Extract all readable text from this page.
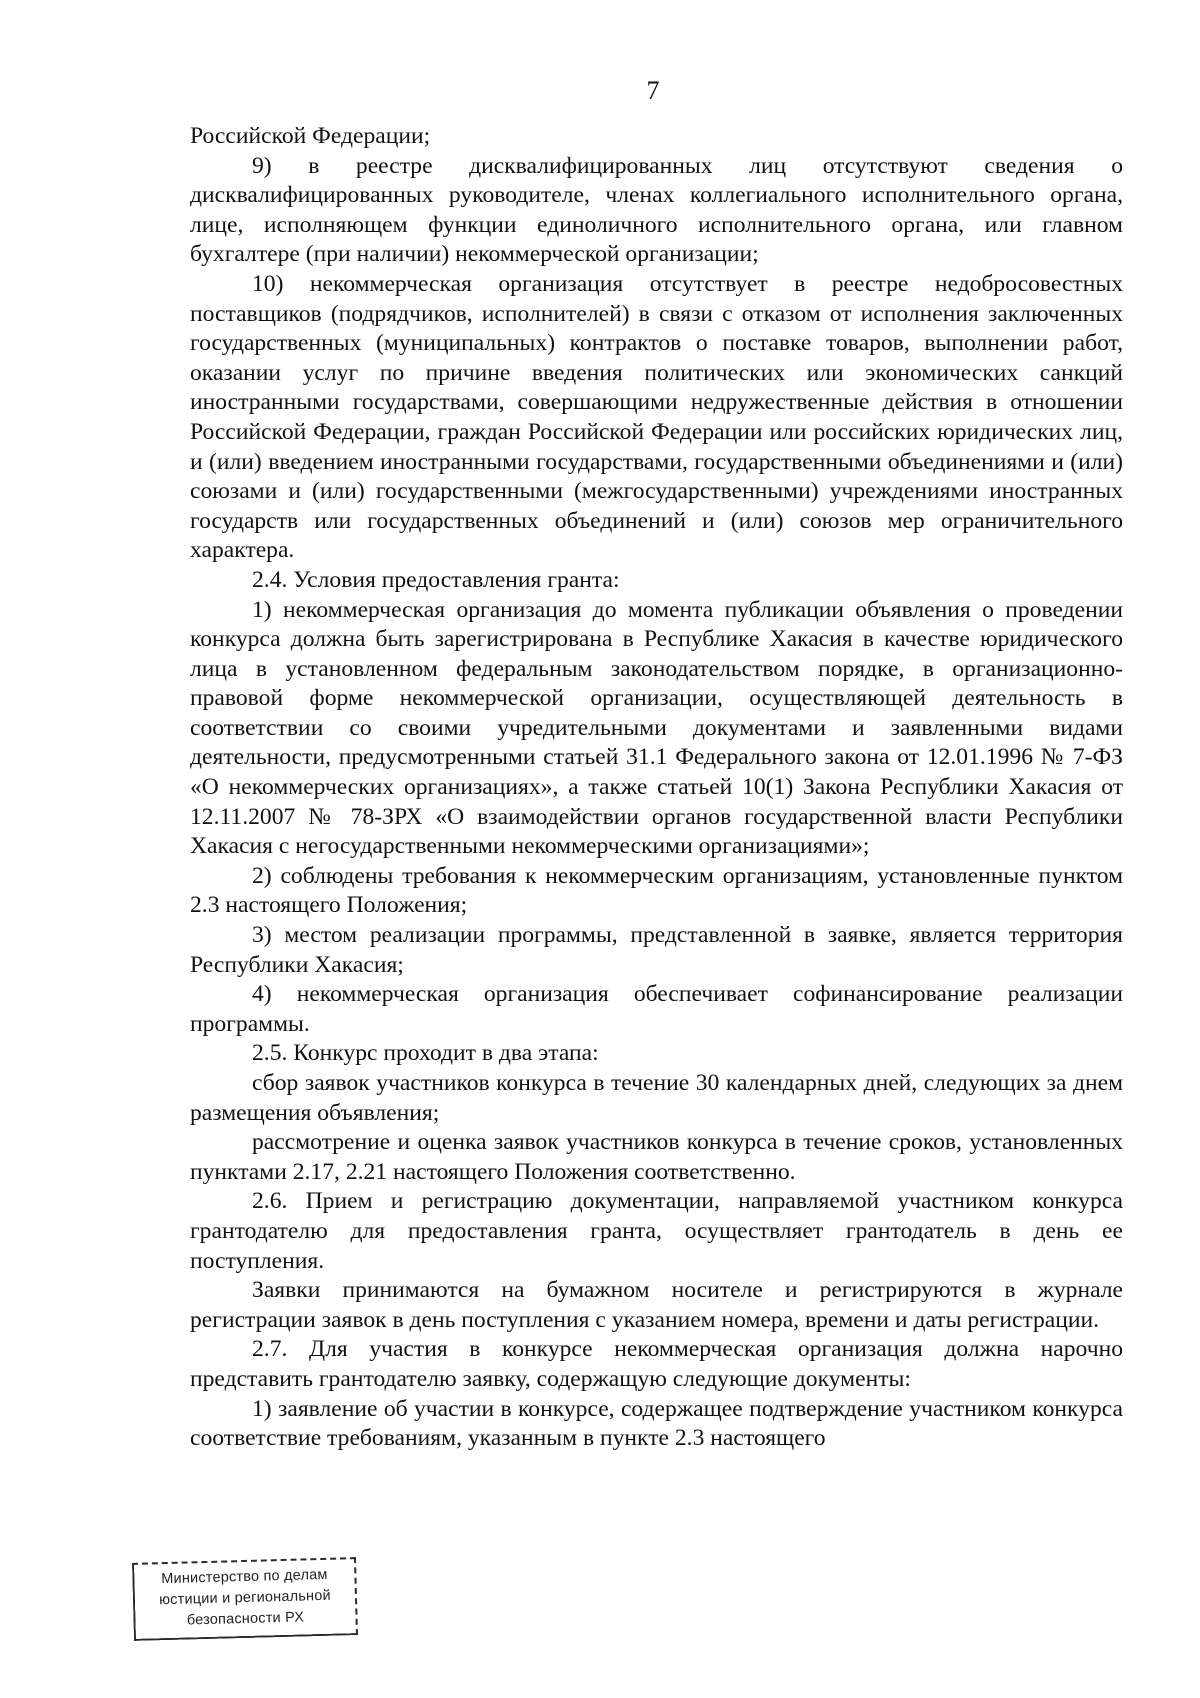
7

Российской Федерации;

9) в реестре дисквалифицированных лиц отсутствуют сведения о дисквалифицированных руководителе, членах коллегиального исполнительного органа, лице, исполняющем функции единоличного исполнительного органа, или главном бухгалтере (при наличии) некоммерческой организации;

10) некоммерческая организация отсутствует в реестре недобросовестных поставщиков (подрядчиков, исполнителей) в связи с отказом от исполнения заключенных государственных (муниципальных) контрактов о поставке товаров, выполнении работ, оказании услуг по причине введения политических или экономических санкций иностранными государствами, совершающими недружественные действия в отношении Российской Федерации, граждан Российской Федерации или российских юридических лиц, и (или) введением иностранными государствами, государственными объединениями и (или) союзами и (или) государственными (межгосударственными) учреждениями иностранных государств или государственных объединений и (или) союзов мер ограничительного характера.

2.4. Условия предоставления гранта:

1) некоммерческая организация до момента публикации объявления о проведении конкурса должна быть зарегистрирована в Республике Хакасия в качестве юридического лица в установленном федеральным законодательством порядке, в организационно-правовой форме некоммерческой организации, осуществляющей деятельность в соответствии со своими учредительными документами и заявленными видами деятельности, предусмотренными статьей 31.1 Федерального закона от 12.01.1996 № 7-ФЗ «О некоммерческих организациях», а также статьей 10(1) Закона Республики Хакасия от 12.11.2007 № 78-ЗРХ «О взаимодействии органов государственной власти Республики Хакасия с негосударственными некоммерческими организациями»;

2) соблюдены требования к некоммерческим организациям, установленные пунктом 2.3 настоящего Положения;

3) местом реализации программы, представленной в заявке, является территория Республики Хакасия;

4) некоммерческая организация обеспечивает софинансирование реализации программы.

2.5. Конкурс проходит в два этапа:

сбор заявок участников конкурса в течение 30 календарных дней, следующих за днем размещения объявления;

рассмотрение и оценка заявок участников конкурса в течение сроков, установленных пунктами 2.17, 2.21 настоящего Положения соответственно.

2.6. Прием и регистрацию документации, направляемой участником конкурса грантодателю для предоставления гранта, осуществляет грантодатель в день ее поступления.

Заявки принимаются на бумажном носителе и регистрируются в журнале регистрации заявок в день поступления с указанием номера, времени и даты регистрации.

2.7. Для участия в конкурсе некоммерческая организация должна нарочно представить грантодателю заявку, содержащую следующие документы:

1) заявление об участии в конкурсе, содержащее подтверждение участником конкурса соответствие требованиям, указанным в пункте 2.3 настоящего

Министерство по делам
юстиции и региональной
безопасности РХ
